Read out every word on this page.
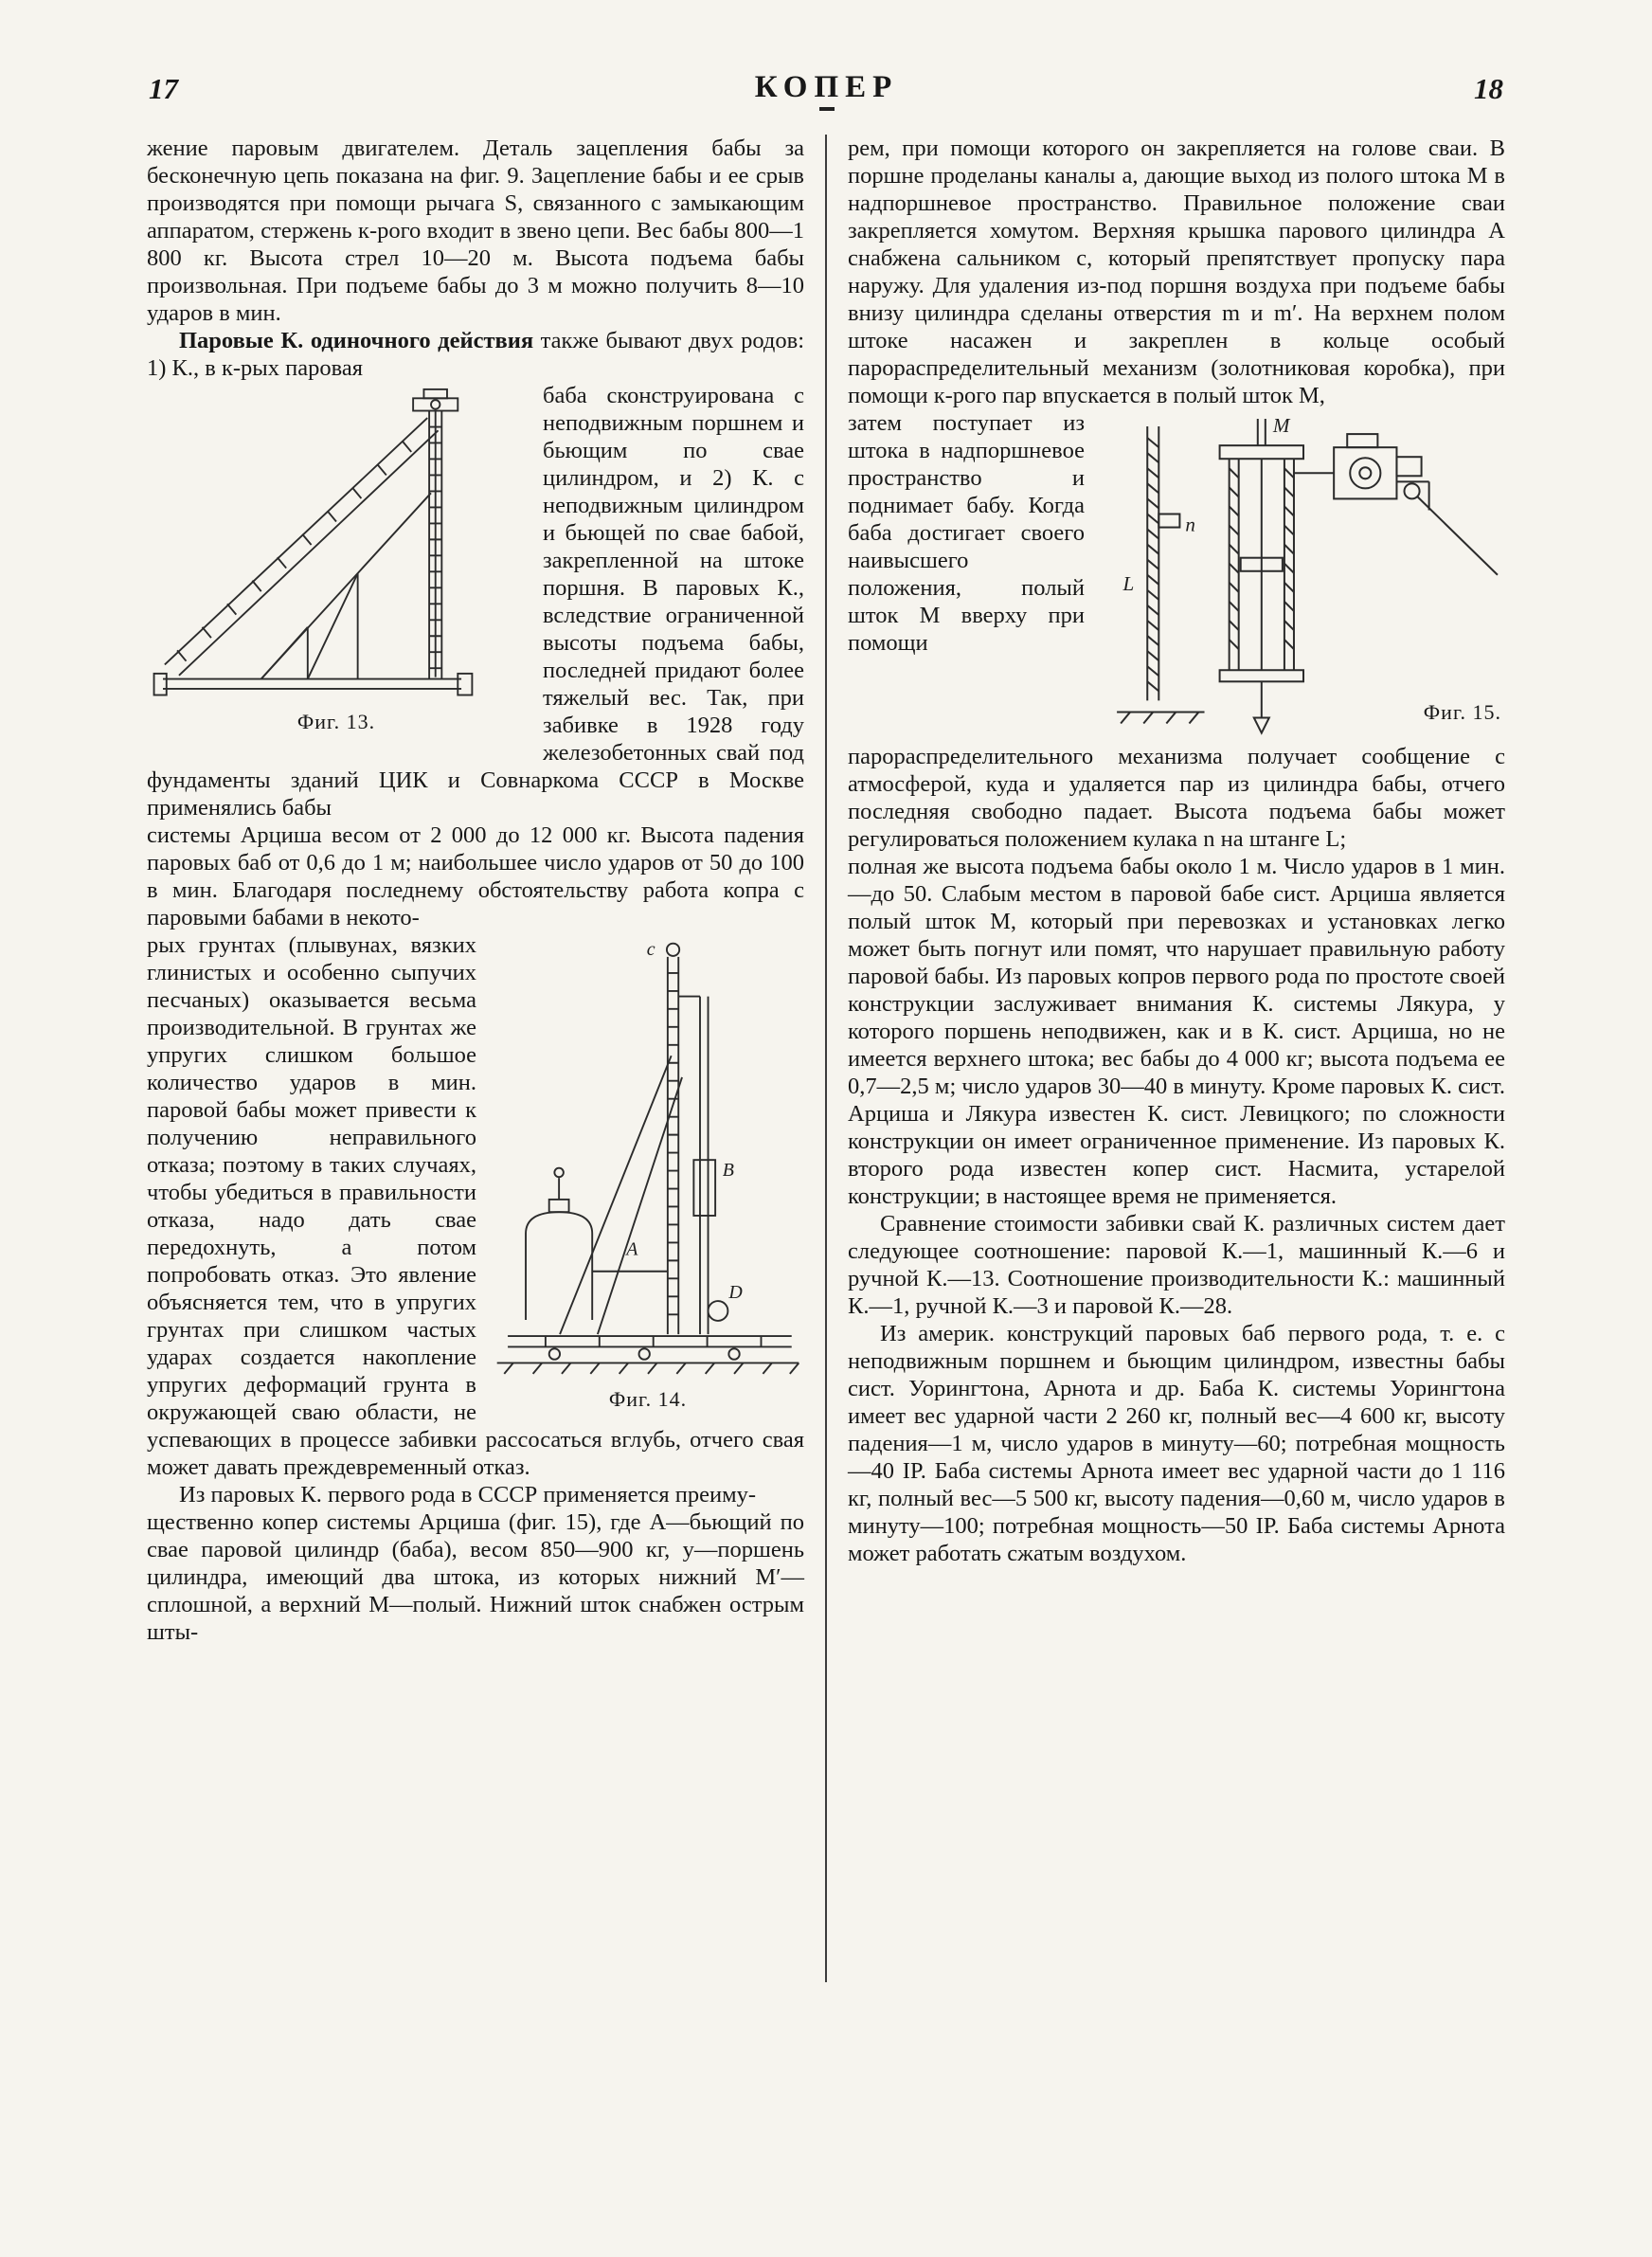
17	КОПЕР	18

жение паровым двигателем. Деталь зацепления бабы за бесконечную цепь показана на фиг. 9. Зацепление бабы и ее срыв производятся при помощи рычага S, связанного с замыкающим аппаратом, стержень к-рого входит в звено цепи. Вес бабы 800—1 800 кг. Высота стрел 10—20 м. Высота подъема бабы произвольная. При подъеме бабы до 3 м можно получить 8—10 ударов в мин.

Паровые К. одиночного действия также бывают двух родов: 1) К., в к-рых паровая

Фиг. 13.

баба сконструирована с неподвижным поршнем и бьющим по свае цилиндром, и 2) К. с неподвижным цилиндром и бьющей по свае бабой, закрепленной на штоке поршня. В паровых К., вследствие ограниченной высоты подъема бабы, последней придают более тяжелый вес. Так, при забивке в 1928 году железобетонных свай под фундаменты зданий ЦИК и Совнаркома СССР в Москве применялись бабы

системы Арциша весом от 2 000 до 12 000 кг. Высота падения паровых баб от 0,6 до 1 м; наибольшее число ударов от 50 до 100 в мин. Благодаря последнему обстоятельству работа копра с паровыми бабами в некото-

c
B
A
D
Фиг. 14.

рых грунтах (плывунах, вязких глинистых и особенно сыпучих песчаных) оказывается весьма производительной. В грунтах же упругих слишком большое количество ударов в мин. паровой бабы может привести к получению неправильного отказа; поэтому в таких случаях, чтобы убедиться в правильности отказа, надо дать свае передохнуть, а потом попробовать отказ. Это явление объясняется тем, что в упругих грунтах при слишком частых ударах создается накопление упругих деформаций грунта в окружающей сваю области, не успевающих в процессе забивки рассосаться вглубь, отчего свая может давать преждевременный отказ.

Из паровых К. первого рода в СССР применяется преиму-

щественно копер системы Арциша (фиг. 15), где A—бьющий по свае паровой цилиндр (баба), весом 850—900 кг, y—поршень цилиндра, имеющий два штока, из которых нижний M′—сплошной, а верхний M—полый. Нижний шток снабжен острым шты-

рем, при помощи которого он закрепляется на голове сваи. В поршне проделаны каналы a, дающие выход из полого штока M в надпоршневое пространство. Правильное положение сваи закрепляется хомутом. Верхняя крышка парового цилиндра A снабжена сальником c, который препятствует пропуску пара наружу. Для удаления из-под поршня воздуха при подъеме бабы внизу цилиндра сделаны отверстия m и m′. На верхнем полом штоке насажен и закреплен в кольце особый парораспределительный механизм (золотниковая коробка), при помощи к-рого пар впускается в полый шток M,

n
L
M
Фиг. 15.

затем поступает из штока в надпоршневое пространство и поднимает бабу. Когда баба достигает своего наивысшего положения, полый шток M вверху при помощи парораспределительного механизма получает сообщение с атмосферой, куда и удаляется пар из цилиндра бабы, отчего последняя свободно падает. Высота подъема бабы может регулироваться положением кулака n на штанге L;

полная же высота подъема бабы около 1 м. Число ударов в 1 мин.—до 50. Слабым местом в паровой бабе сист. Арциша является полый шток M, который при перевозках и установках легко может быть погнут или помят, что нарушает правильную работу паровой бабы. Из паровых копров первого рода по простоте своей конструкции заслуживает внимания К. системы Лякура, у которого поршень неподвижен, как и в К. сист. Арциша, но не имеется верхнего штока; вес бабы до 4 000 кг; высота подъема ее 0,7—2,5 м; число ударов 30—40 в минуту. Кроме паровых К. сист. Арциша и Лякура известен К. сист. Левицкого; по сложности конструкции он имеет ограниченное применение. Из паровых К. второго рода известен копер сист. Насмита, устарелой конструкции; в настоящее время не применяется.

Сравнение стоимости забивки свай К. различных систем дает следующее соотношение: паровой К.—1, машинный К.—6 и ручной К.—13. Соотношение производительности К.: машинный К.—1, ручной К.—3 и паровой К.—28.

Из америк. конструкций паровых баб первого рода, т. е. с неподвижным поршнем и бьющим цилиндром, известны бабы сист. Уорингтона, Арнота и др. Баба К. системы Уорингтона имеет вес ударной части 2 260 кг, полный вес—4 600 кг, высоту падения—1 м, число ударов в минуту—60; потребная мощность—40 IP. Баба системы Арнота имеет вес ударной части до 1 116 кг, полный вес—5 500 кг, высоту падения—0,60 м, число ударов в минуту—100; потребная мощность—50 IP. Баба системы Арнота может работать сжатым воздухом.
